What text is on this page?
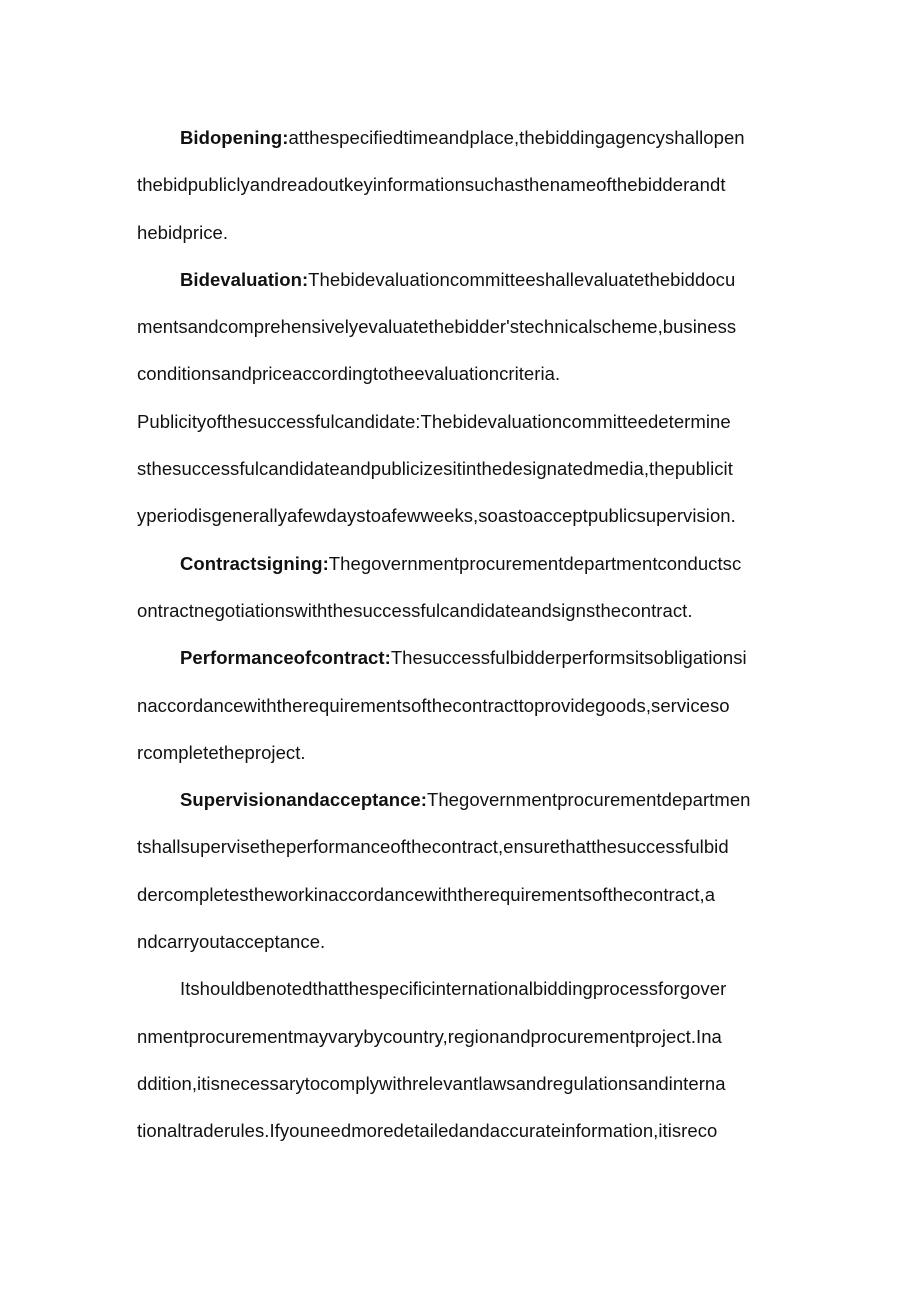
Bidopening:atthespecifiedtimeandplace,thebiddingagencyshallopen
thebidpubliclyandreadoutkeyinformationsuchasthenameofthebidderandt
hebidprice.
Bidevaluation:Thebidevaluationcommitteeshallevaluatethebiddocu
mentsandcomprehensivelyevaluatethebidder'stechnicalscheme,business
conditionsandpriceaccordingtotheevaluationcriteria.
Publicityofthesuccessfulcandidate:Thebidevaluationcommitteedetermine
sthesuccessfulcandidateandpublicizesitinthedesignatedmedia,thepublicit
yperiodisgenerallyafewdaystoafewweeks,soastoacceptpublicsupervision.
Contractsigning:Thegovernmentprocurementdepartmentconductsc
ontractnegotiationswiththesuccessfulcandidateandsignsthecontract.
Performanceofcontract:Thesuccessfulbidderperformsitsobligationsi
naccordancewiththerequirementsofthecontracttoprovidegoods,serviceso
rcompletetheproject.
Supervisionandacceptance:Thegovernmentprocurementdepartmen
tshallsupervisetheperformanceofthecontract,ensurethatthesuccessfulbid
dercompletestheworkinaccordancewiththerequirementsofthecontract,a
ndcarryoutacceptance.
Itshouldbenotedthatthespecificinternationalbiddingprocessforgover
nmentprocurementmayvarybycountry,regionandprocurementproject.Ina
ddition,itisnecessarytocomplywithrelevantlawsandregulationsandinterna
tionaltraderules.Ifyouneedmoredetailedandaccurateinformation,itisreco
